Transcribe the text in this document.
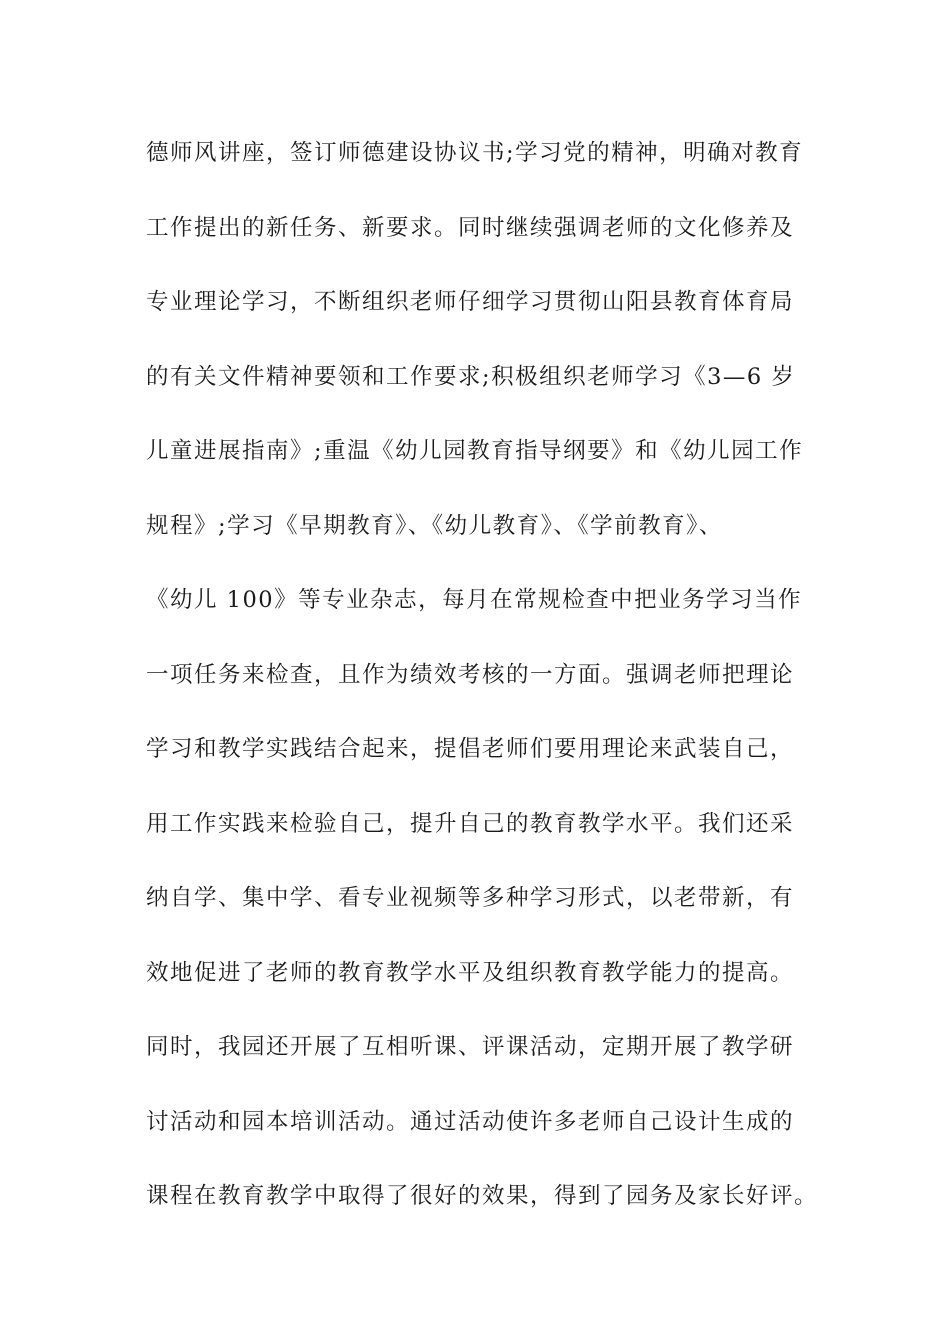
德师风讲座，签订师德建设协议书;学习党的精神，明确对教育
工作提出的新任务、新要求。同时继续强调老师的文化修养及
专业理论学习，不断组织老师仔细学习贯彻山阳县教育体育局
的有关文件精神要领和工作要求;积极组织老师学习《3—6 岁
儿童进展指南》;重温《幼儿园教育指导纲要》和《幼儿园工作
规程》;学习《早期教育》、《幼儿教育》、《学前教育》、
《幼儿 100》等专业杂志，每月在常规检查中把业务学习当作
一项任务来检查，且作为绩效考核的一方面。强调老师把理论
学习和教学实践结合起来，提倡老师们要用理论来武装自己，
用工作实践来检验自己，提升自己的教育教学水平。我们还采
纳自学、集中学、看专业视频等多种学习形式，以老带新，有
效地促进了老师的教育教学水平及组织教育教学能力的提高。
同时，我园还开展了互相听课、评课活动，定期开展了教学研
讨活动和园本培训活动。通过活动使许多老师自己设计生成的
课程在教育教学中取得了很好的效果，得到了园务及家长好评。
